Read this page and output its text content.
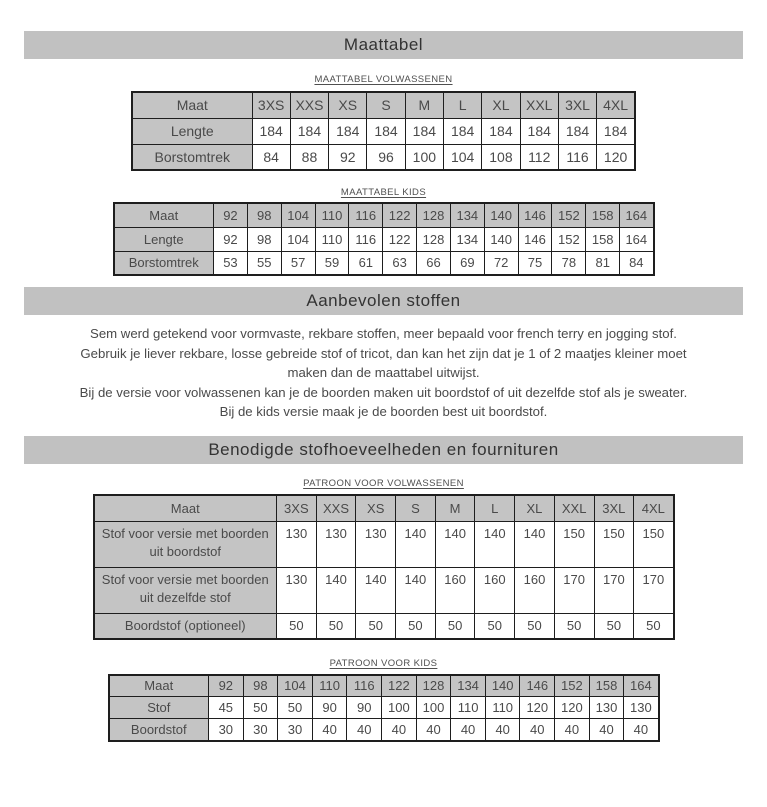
Maattabel
MAATTABEL VOLWASSENEN
Maat	3XS	XXS	XS	S	M	L	XL	XXL	3XL	4XL
Lengte	184	184	184	184	184	184	184	184	184	184
Borstomtrek	84	88	92	96	100	104	108	112	116	120
MAATTABEL KIDS
Maat	92	98	104	110	116	122	128	134	140	146	152	158	164
Lengte	92	98	104	110	116	122	128	134	140	146	152	158	164
Borstomtrek	53	55	57	59	61	63	66	69	72	75	78	81	84
Aanbevolen stoffen
Sem werd getekend voor vormvaste, rekbare stoffen, meer bepaald voor french terry en jogging stof.
Gebruik je liever rekbare, losse gebreide stof of tricot, dan kan het zijn dat je 1 of 2 maatjes kleiner moet
maken dan de maattabel uitwijst.
Bij de versie voor volwassenen kan je de boorden maken uit boordstof of uit dezelfde stof als je sweater.
Bij de kids versie maak je de boorden best uit boordstof.
Benodigde stofhoeveelheden en fournituren
PATROON VOOR VOLWASSENEN
Maat	3XS	XXS	XS	S	M	L	XL	XXL	3XL	4XL
Stof voor versie met boorden uit boordstof	130	130	130	140	140	140	140	150	150	150
Stof voor versie met boorden uit dezelfde stof	130	140	140	140	160	160	160	170	170	170
Boordstof (optioneel)	50	50	50	50	50	50	50	50	50	50
PATROON VOOR KIDS
Maat	92	98	104	110	116	122	128	134	140	146	152	158	164
Stof	45	50	50	90	90	100	100	110	110	120	120	130	130
Boordstof	30	30	30	40	40	40	40	40	40	40	40	40	40
